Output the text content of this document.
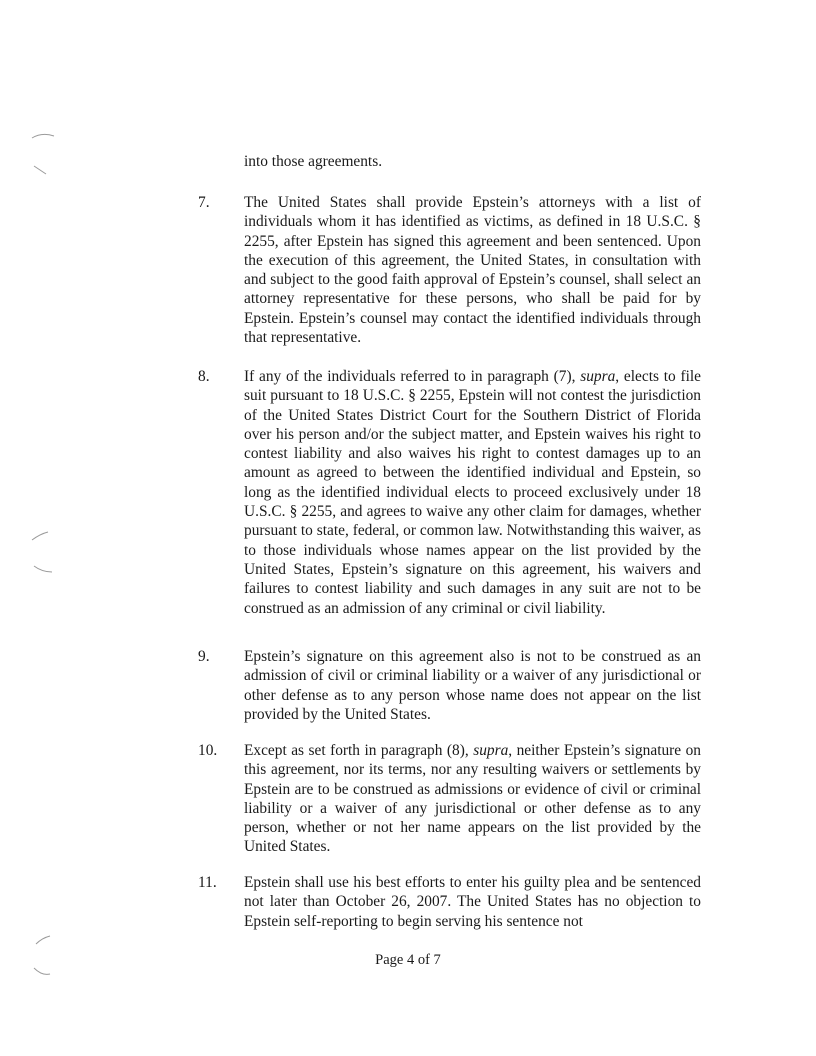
into those agreements.

7. The United States shall provide Epstein’s attorneys with a list of individuals whom it has identified as victims, as defined in 18 U.S.C. § 2255, after Epstein has signed this agreement and been sentenced. Upon the execution of this agreement, the United States, in consultation with and subject to the good faith approval of Epstein’s counsel, shall select an attorney representative for these persons, who shall be paid for by Epstein. Epstein’s counsel may contact the identified individuals through that representative.

8. If any of the individuals referred to in paragraph (7), supra, elects to file suit pursuant to 18 U.S.C. § 2255, Epstein will not contest the jurisdiction of the United States District Court for the Southern District of Florida over his person and/or the subject matter, and Epstein waives his right to contest liability and also waives his right to contest damages up to an amount as agreed to between the identified individual and Epstein, so long as the identified individual elects to proceed exclusively under 18 U.S.C. § 2255, and agrees to waive any other claim for damages, whether pursuant to state, federal, or common law. Notwithstanding this waiver, as to those individuals whose names appear on the list provided by the United States, Epstein’s signature on this agreement, his waivers and failures to contest liability and such damages in any suit are not to be construed as an admission of any criminal or civil liability.

9. Epstein’s signature on this agreement also is not to be construed as an admission of civil or criminal liability or a waiver of any jurisdictional or other defense as to any person whose name does not appear on the list provided by the United States.

10. Except as set forth in paragraph (8), supra, neither Epstein’s signature on this agreement, nor its terms, nor any resulting waivers or settlements by Epstein are to be construed as admissions or evidence of civil or criminal liability or a waiver of any jurisdictional or other defense as to any person, whether or not her name appears on the list provided by the United States.

11. Epstein shall use his best efforts to enter his guilty plea and be sentenced not later than October 26, 2007. The United States has no objection to Epstein self-reporting to begin serving his sentence not

Page 4 of 7
